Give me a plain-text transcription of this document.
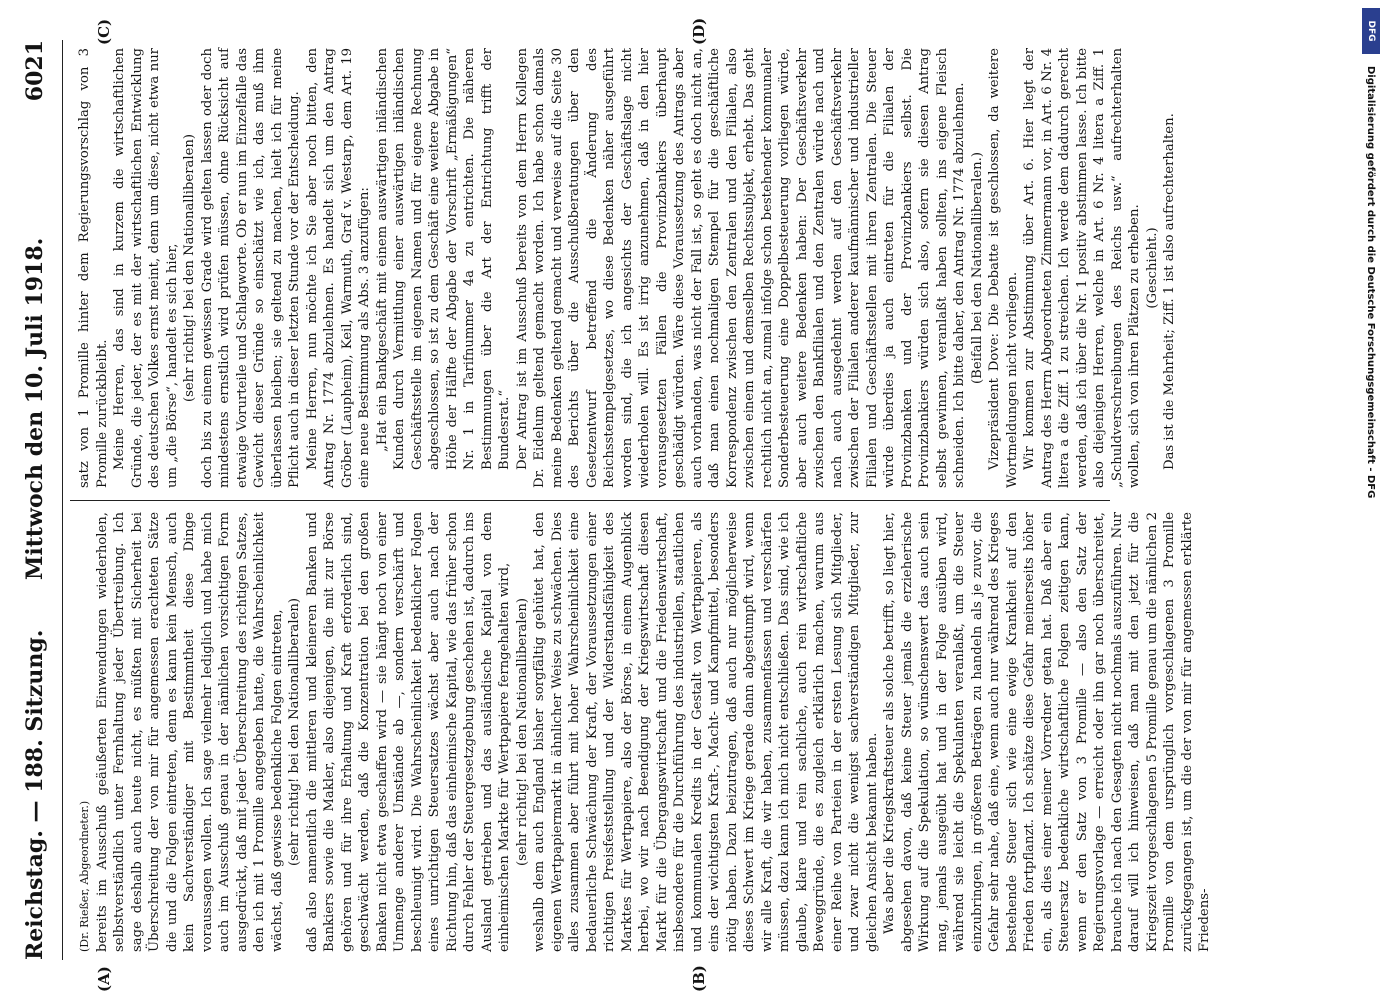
Reichstag. — 188. Sitzung.
Mittwoch den 10. Juli 1918.
6021
(A)	(B)
(C)	(D)

(Dr. Rießer, Abgeordneter.) bereits im Ausschuß geäußerten Einwendungen wiederholen, selbstverständlich unter Fernhaltung jeder Übertreibung. Ich sage deshalb auch heute nicht, es müßten mit Sicherheit bei Überschreitung der von mir für angemessen erachteten Sätze die und die Folgen eintreten, denn es kann kein Mensch, auch kein Sachverständiger mit Bestimmtheit diese Dinge voraussagen wollen. Ich sage vielmehr lediglich und habe mich auch im Ausschuß genau in der nämlichen vorsichtigen Form ausgedrückt, daß mit jeder Überschreitung des richtigen Satzes, den ich mit 1 Promille angegeben hatte, die Wahrscheinlichkeit wächst, daß gewisse bedenkliche Folgen eintreten, (sehr richtig! bei den Nationalliberalen) daß also namentlich die mittleren und kleineren Banken und Bankiers sowie die Makler, also diejenigen, die mit zur Börse gehören und für ihre Erhaltung und Kraft erforderlich sind, geschwächt werden, daß die Konzentration bei den großen Banken nicht etwa geschaffen wird — sie hängt noch von einer Unmenge anderer Umstände ab —, sondern verschärft und beschleunigt wird. Die Wahrscheinlichkeit bedenklicher Folgen eines unrichtigen Steuersatzes wächst aber auch nach der Richtung hin, daß das einheimische Kapital, wie das früher schon durch Fehler der Steuergesetzgebung geschehen ist, dadurch ins Ausland getrieben und das ausländische Kapital von dem einheimischen Markte für Wertpapiere ferngehalten wird, (sehr richtig! bei den Nationalliberalen) weshalb dem auch England bisher sorgfältig gehütet hat, den eigenen Wertpapiermarkt in ähnlicher Weise zu schwächen. Dies alles zusammen aber führt mit hoher Wahrscheinlichkeit eine bedauerliche Schwächung der Kraft, der Voraussetzungen einer richtigen Preisfeststellung und der Widerstandsfähigkeit des Marktes für Wertpapiere, also der Börse, in einem Augenblick herbei, wo wir nach Beendigung der Kriegswirtschaft diesen Markt für die Übergangswirtschaft und die Friedenswirtschaft, insbesondere für die Durchführung des industriellen, staatlichen und kommunalen Kredits in der Gestalt von Wertpapieren, als eins der wichtigsten Kraft-, Macht- und Kampfmittel, besonders nötig haben. Dazu beizutragen, daß auch nur möglicherweise dieses Schwert im Kriege gerade dann abgestumpft wird, wenn wir alle Kraft, die wir haben, zusammenfassen und verschärfen müssen, dazu kann ich mich nicht entschließen. Das sind, wie ich glaube, klare und rein sachliche, auch rein wirtschaftliche Beweggründe, die es zugleich erklärlich machen, warum aus einer Reihe von Parteien in der ersten Lesung sich Mitglieder, und zwar nicht die wenigst sachverständigen Mitglieder, zur gleichen Ansicht bekannt haben. Was aber die Kriegskraftsteuer als solche betrifft, so liegt hier, abgesehen davon, daß keine Steuer jemals die erzieherische Wirkung auf die Spekulation, so wünschenswert das auch sein mag, jemals ausgeübt hat und in der Folge ausüben wird, während sie leicht die Spekulanten veranlaßt, um die Steuer einzubringen, in größeren Beträgen zu handeln als je zuvor, die Gefahr sehr nahe, daß eine, wenn auch nur während des Krieges bestehende Steuer sich wie eine ewige Krankheit auf den Frieden fortpflanzt. Ich schätze diese Gefahr meinerseits höher ein, als dies einer meiner Vorredner getan hat. Daß aber ein Steuersatz bedenkliche wirtschaftliche Folgen zeitigen kann, wenn er den Satz von 3 Promille — also den Satz der Regierungsvorlage — erreicht oder ihn gar noch überschreitet, brauche ich nach den Gesagten nicht nochmals auszuführen. Nur darauf will ich hinweisen, daß man mit den jetzt für die Kriegszeit vorgeschlagenen 5 Promille genau um die nämlichen 2 Promille von dem ursprünglich vorgeschlagenen 3 Promille zurückgegangen ist, um die der von mir für angemessen erklärte Friedens-

satz von 1 Promille hinter dem Regierungsvorschlag von 3 Promille zurückbleibt. Meine Herren, das sind in kurzem die wirtschaftlichen Gründe, die jeder, der es mit der wirtschaftlichen Entwicklung des deutschen Volkes ernst meint, denn um diese, nicht etwa nur um „die Börse“, handelt es sich hier, (sehr richtig! bei den Nationalliberalen) doch bis zu einem gewissen Grade wird gelten lassen oder doch mindestens ernstlich wird prüfen müssen, ohne Rücksicht auf etwaige Vorurteile und Schlagworte. Ob er nun im Einzelfalle das Gewicht dieser Gründe so einschätzt wie ich, das muß ihm überlassen bleiben; sie geltend zu machen, hielt ich für meine Pflicht auch in dieser letzten Stunde vor der Entscheidung. Meine Herren, nun möchte ich Sie aber noch bitten, den Antrag Nr. 1774 abzulehnen. Es handelt sich um den Antrag Gröber (Laupheim), Keil, Warmuth, Graf v. Westarp, dem Art. 19 eine neue Bestimmung als Abs. 3 anzufügen: „Hat ein Bankgeschäft mit einem auswärtigen inländischen Kunden durch Vermittlung einer auswärtigen inländischen Geschäftsstelle im eigenen Namen und für eigene Rechnung abgeschlossen, so ist zu dem Geschäft eine weitere Abgabe in Höhe der Hälfte der Abgabe der Vorschrift „Ermäßigungen“ Nr. 1 in Tarifnummer 4a zu entrichten. Die näheren Bestimmungen über die Art der Entrichtung trifft der Bundesrat.“ Der Antrag ist im Ausschuß bereits von dem Herrn Kollegen Dr. Eidelum geltend gemacht worden. Ich habe schon damals meine Bedenken geltend gemacht und verweise auf die Seite 30 des Berichts über die Ausschußberatungen über den Gesetzentwurf betreffend die Änderung des Reichsstempelgesetzes, wo diese Bedenken näher ausgeführt worden sind, die ich angesichts der Geschäftslage nicht wiederholen will. Es ist irrig anzunehmen, daß in den hier vorausgesetzten Fällen die Provinzbankiers überhaupt geschädigt würden. Wäre diese Voraussetzung des Antrags aber auch vorhanden, was nicht der Fall ist, so geht es doch nicht an, daß man einen nochmaligen Stempel für die geschäftliche Korrespondenz zwischen den Zentralen und den Filialen, also zwischen einem und demselben Rechtssubjekt, erhebt. Das geht rechtlich nicht an, zumal infolge schon bestehender kommunaler Sonderbesteuerung eine Doppelbesteuerung vorliegen würde, aber auch weitere Bedenken haben: Der Geschäftsverkehr zwischen den Bankfilialen und den Zentralen würde nach und nach auch ausgedehnt werden auf den Geschäftsverkehr zwischen der Filialen anderer kaufmännischer und industrieller Filialen und Geschäftsstellen mit ihren Zentralen. Die Steuer würde überdies ja auch eintreten für die Filialen der Provinzbanken und der Provinzbankiers selbst. Die Provinzbankiers würden sich also, sofern sie diesen Antrag selbst gewinnen, veranlaßt haben sollten, ins eigene Fleisch schneiden. Ich bitte daher, den Antrag Nr. 1774 abzulehnen. (Beifall bei den Nationalliberalen.) Vizepräsident Dove: Die Debatte ist geschlossen, da weitere Wortmeldungen nicht vorliegen. Wir kommen zur Abstimmung über Art. 6. Hier liegt der Antrag des Herrn Abgeordneten Zimmermann vor, in Art. 6 Nr. 4 litera a die Ziff. 1 zu streichen. Ich werde dem dadurch gerecht werden, daß ich über die Nr. 1 positiv abstimmen lasse. Ich bitte also diejenigen Herren, welche in Art. 6 Nr. 4 litera a Ziff. 1 „Schuldverschreibungen des Reichs usw.“ aufrechterhalten wollen, sich von ihren Plätzen zu erheben. (Geschieht.) Das ist die Mehrheit; Ziff. 1 ist also aufrechterhalten.

DFG
Digitalisierung gefördert durch die Deutsche Forschungsgemeinschaft - DFG
